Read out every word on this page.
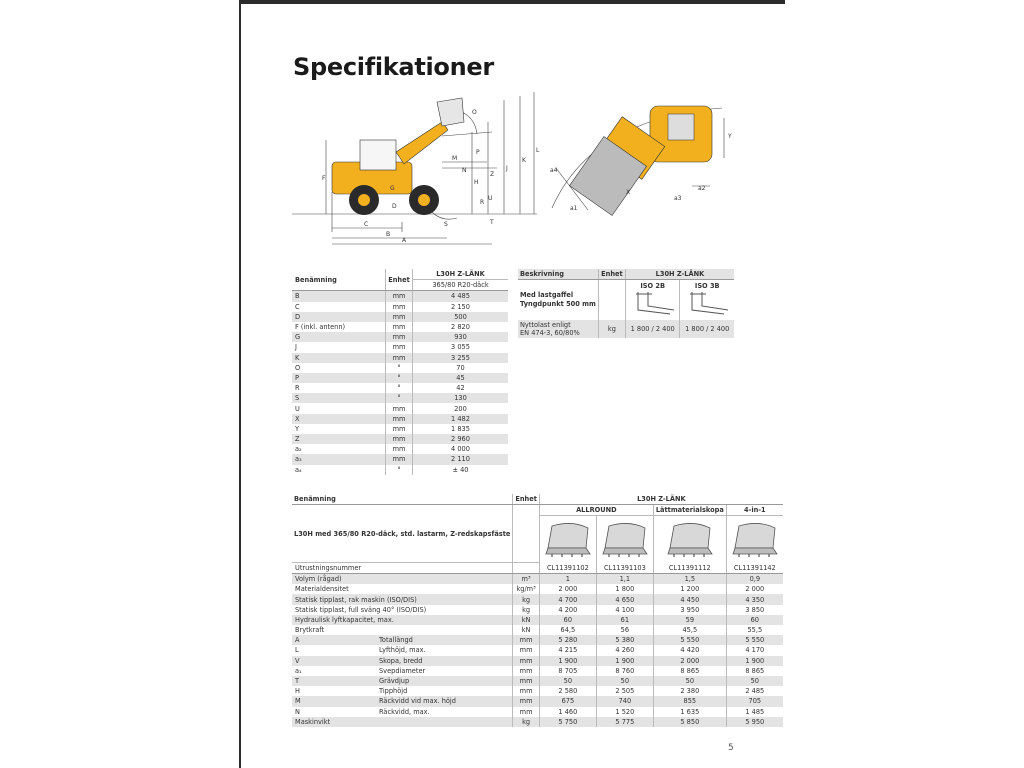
Specifikationer
O
L
K
J
Z
H
M
N
P
F
G
D
R
T
S
U
C
B
A
a1
a2
a3
a4
X
Y
Benämning	Enhet	L30H Z-LÄNK
		365/80 R20-däck
B	mm	4 485
C	mm	2 150
D	mm	500
F (inkl. antenn)	mm	2 820
G	mm	930
J	mm	3 055
K	mm	3 255
O	°	70
P	°	45
R	°	42
S	°	130
U	mm	200
X	mm	1 482
Y	mm	1 835
Z	mm	2 960
a₂	mm	4 000
a₃	mm	2 110
a₄	°	± 40
Beskrivning	Enhet	L30H Z-LÄNK	
Med lastgaffel
Tyngdpunkt 500 mm		ISO 2B	ISO 3B

Nyttolast enligt
EN 474-3, 60/80%	kg	1 800 / 2 400	1 800 / 2 400
Benämning		Enhet	L30H Z-LÄNK			
L30H med 365/80 R20-däck, std. lastarm, Z-redskapsfäste			ALLROUND		Lättmaterialskopa	4-in-1

Utrustningsnummer			CL11391102	CL11391103	CL11391112	CL11391142
Volym (rågad)		m³	1	1,1	1,5	0,9
Materialdensitet		kg/m³	2 000	1 800	1 200	2 000
Statisk tipplast, rak maskin (ISO/DIS)		kg	4 700	4 650	4 450	4 350
Statisk tipplast, full sväng 40° (ISO/DIS)		kg	4 200	4 100	3 950	3 850
Hydraulisk lyftkapacitet, max.		kN	60	61	59	60
Brytkraft		kN	64,5	56	45,5	55,5
A	Totallängd	mm	5 280	5 380	5 550	5 550
L	Lyfthöjd, max.	mm	4 215	4 260	4 420	4 170
V	Skopa, bredd	mm	1 900	1 900	2 000	1 900
a₁	Svepdiameter	mm	8 705	8 760	8 865	8 865
T	Grävdjup	mm	50	50	50	50
H	Tipphöjd	mm	2 580	2 505	2 380	2 485
M	Räckvidd vid max. höjd	mm	675	740	855	705
N	Räckvidd, max.	mm	1 460	1 520	1 635	1 485
Maskinvikt		kg	5 750	5 775	5 850	5 950
5
